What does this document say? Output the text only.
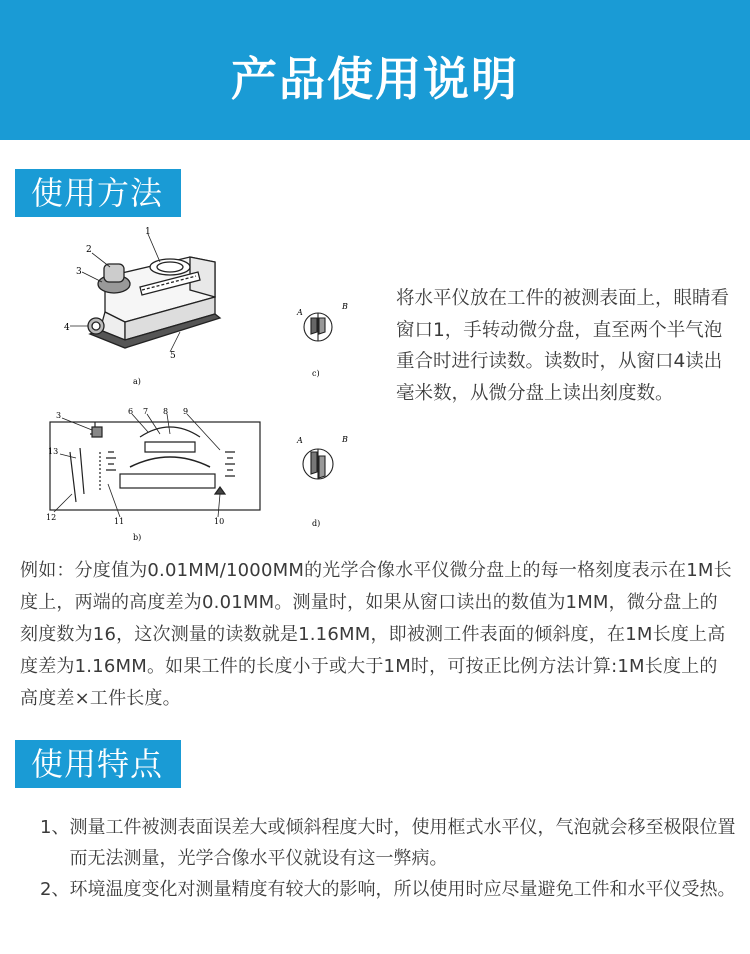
产品使用说明
使用方法
1
2
3
4
5
a)
3	6 7 8 9
13
12	11	10
b)
A
B
c)
A	B
d)

将水平仪放在工件的被测表面上，眼睛看窗口1，手转动微分盘，直至两个半气泡重合时进行读数。读数时，从窗口4读出毫米数，从微分盘上读出刻度数。

例如：分度值为0.01MM/1000MM的光学合像水平仪微分盘上的每一格刻度表示在1M长度上，两端的高度差为0.01MM。测量时，如果从窗口读出的数值为1MM，微分盘上的刻度数为16，这次测量的读数就是1.16MM，即被测工件表面的倾斜度，在1M长度上高度差为1.16MM。如果工件的长度小于或大于1M时，可按正比例方法计算:1M长度上的高度差×工件长度。

使用特点
1、 测量工件被测表面误差大或倾斜程度大时，使用框式水平仪，气泡就会移至极限位置而无法测量，光学合像水平仪就设有这一弊病。
2、 环境温度变化对测量精度有较大的影响，所以使用时应尽量避免工件和水平仪受热。
